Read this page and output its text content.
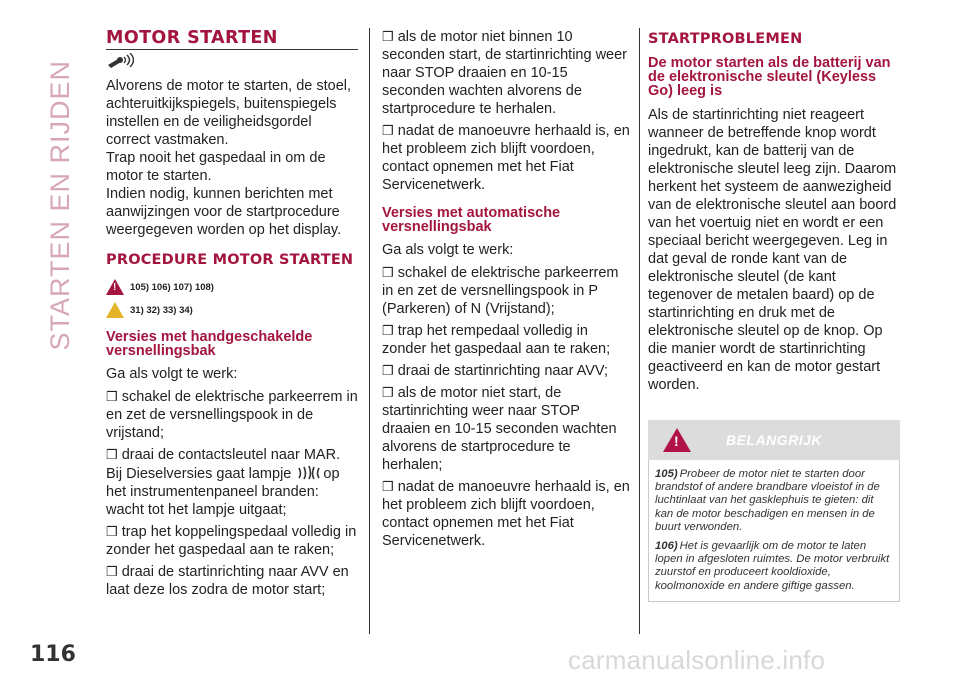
STARTEN EN RIJDEN
MOTOR STARTEN

Alvorens de motor te starten, de stoel, achteruitkijkspiegels, buitenspiegels instellen en de veiligheidsgordel correct vastmaken.

Trap nooit het gaspedaal in om de motor te starten.

Indien nodig, kunnen berichten met aanwijzingen voor de startprocedure weergegeven worden op het display.

PROCEDURE MOTOR STARTEN
! 105) 106) 107) 108)
31) 32) 33) 34)
Versies met handgeschakelde versnellingsbak

Ga als volgt te werk:

❒ schakel de elektrische parkeerrem in en zet de versnellingspook in de vrijstand;

❒ draai de contactsleutel naar MAR. Bij Dieselversies gaat lampje op het instrumentenpaneel branden: wacht tot het lampje uitgaat;

❒ trap het koppelingspedaal volledig in zonder het gaspedaal aan te raken;

❒ draai de startinrichting naar AVV en laat deze los zodra de motor start;

❒ als de motor niet binnen 10 seconden start, de startinrichting weer naar STOP draaien en 10-15 seconden wachten alvorens de startprocedure te herhalen.

❒ nadat de manoeuvre herhaald is, en het probleem zich blijft voordoen, contact opnemen met het Fiat Servicenetwerk.

Versies met automatische versnellingsbak

Ga als volgt te werk:

❒ schakel de elektrische parkeerrem in en zet de versnellingspook in P (Parkeren) of N (Vrijstand);

❒ trap het rempedaal volledig in zonder het gaspedaal aan te raken;

❒ draai de startinrichting naar AVV;

❒ als de motor niet start, de startinrichting weer naar STOP draaien en 10-15 seconden wachten alvorens de startprocedure te herhalen;

❒ nadat de manoeuvre herhaald is, en het probleem zich blijft voordoen, contact opnemen met het Fiat Servicenetwerk.

STARTPROBLEMEN
De motor starten als de batterij van de elektronische sleutel (Keyless Go) leeg is

Als de startinrichting niet reageert wanneer de betreffende knop wordt ingedrukt, kan de batterij van de elektronische sleutel leeg zijn. Daarom herkent het systeem de aanwezigheid van de elektronische sleutel aan boord van het voertuig niet en wordt er een speciaal bericht weergegeven. Leg in dat geval de ronde kant van de elektronische sleutel (de kant tegenover de metalen baard) op de startinrichting en druk met de elektronische sleutel op de knop. Op die manier wordt de startinrichting geactiveerd en kan de motor gestart worden.

!	BELANGRIJK

105) Probeer de motor niet te starten door brandstof of andere brandbare vloeistof in de luchtinlaat van het gasklephuis te gieten: dit kan de motor beschadigen en mensen in de buurt verwonden.

106) Het is gevaarlijk om de motor te laten lopen in afgesloten ruimtes. De motor verbruikt zuurstof en produceert kooldioxide, koolmonoxide en andere giftige gassen.

116	carmanualsonline.info
